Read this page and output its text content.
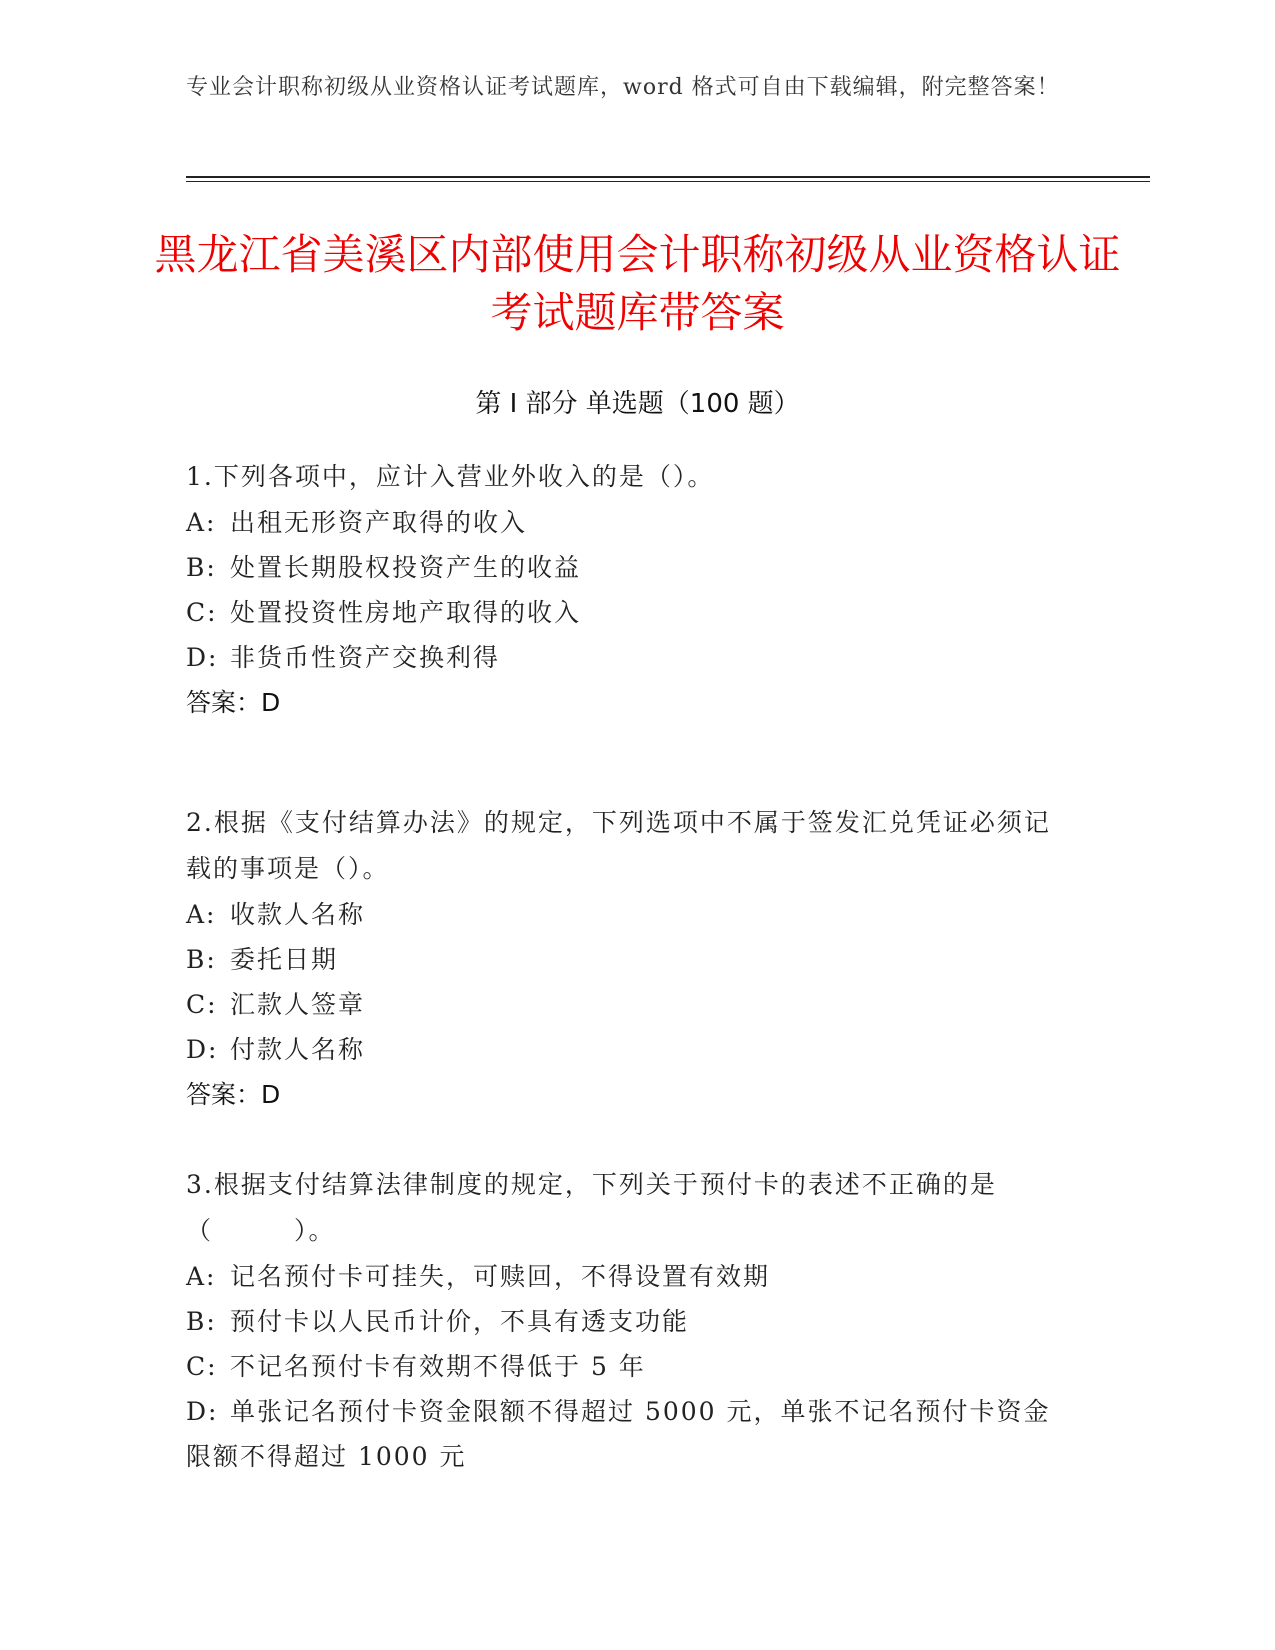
专业会计职称初级从业资格认证考试题库，word 格式可自由下载编辑，附完整答案！
黑龙江省美溪区内部使用会计职称初级从业资格认证考试题库带答案
第 I 部分 单选题（100 题）

1.下列各项中，应计入营业外收入的是（）。

A: 出租无形资产取得的收入

B: 处置长期股权投资产生的收益

C: 处置投资性房地产取得的收入

D: 非货币性资产交换利得

答案：D

2.根据《支付结算办法》的规定，下列选项中不属于签发汇兑凭证必须记载的事项是（）。

A: 收款人名称

B: 委托日期

C: 汇款人签章

D: 付款人名称

答案：D

3.根据支付结算法律制度的规定，下列关于预付卡的表述不正确的是（　　　）。

A: 记名预付卡可挂失，可赎回，不得设置有效期

B: 预付卡以人民币计价，不具有透支功能

C: 不记名预付卡有效期不得低于 5 年

D: 单张记名预付卡资金限额不得超过 5000 元，单张不记名预付卡资金限额不得超过 1000 元
